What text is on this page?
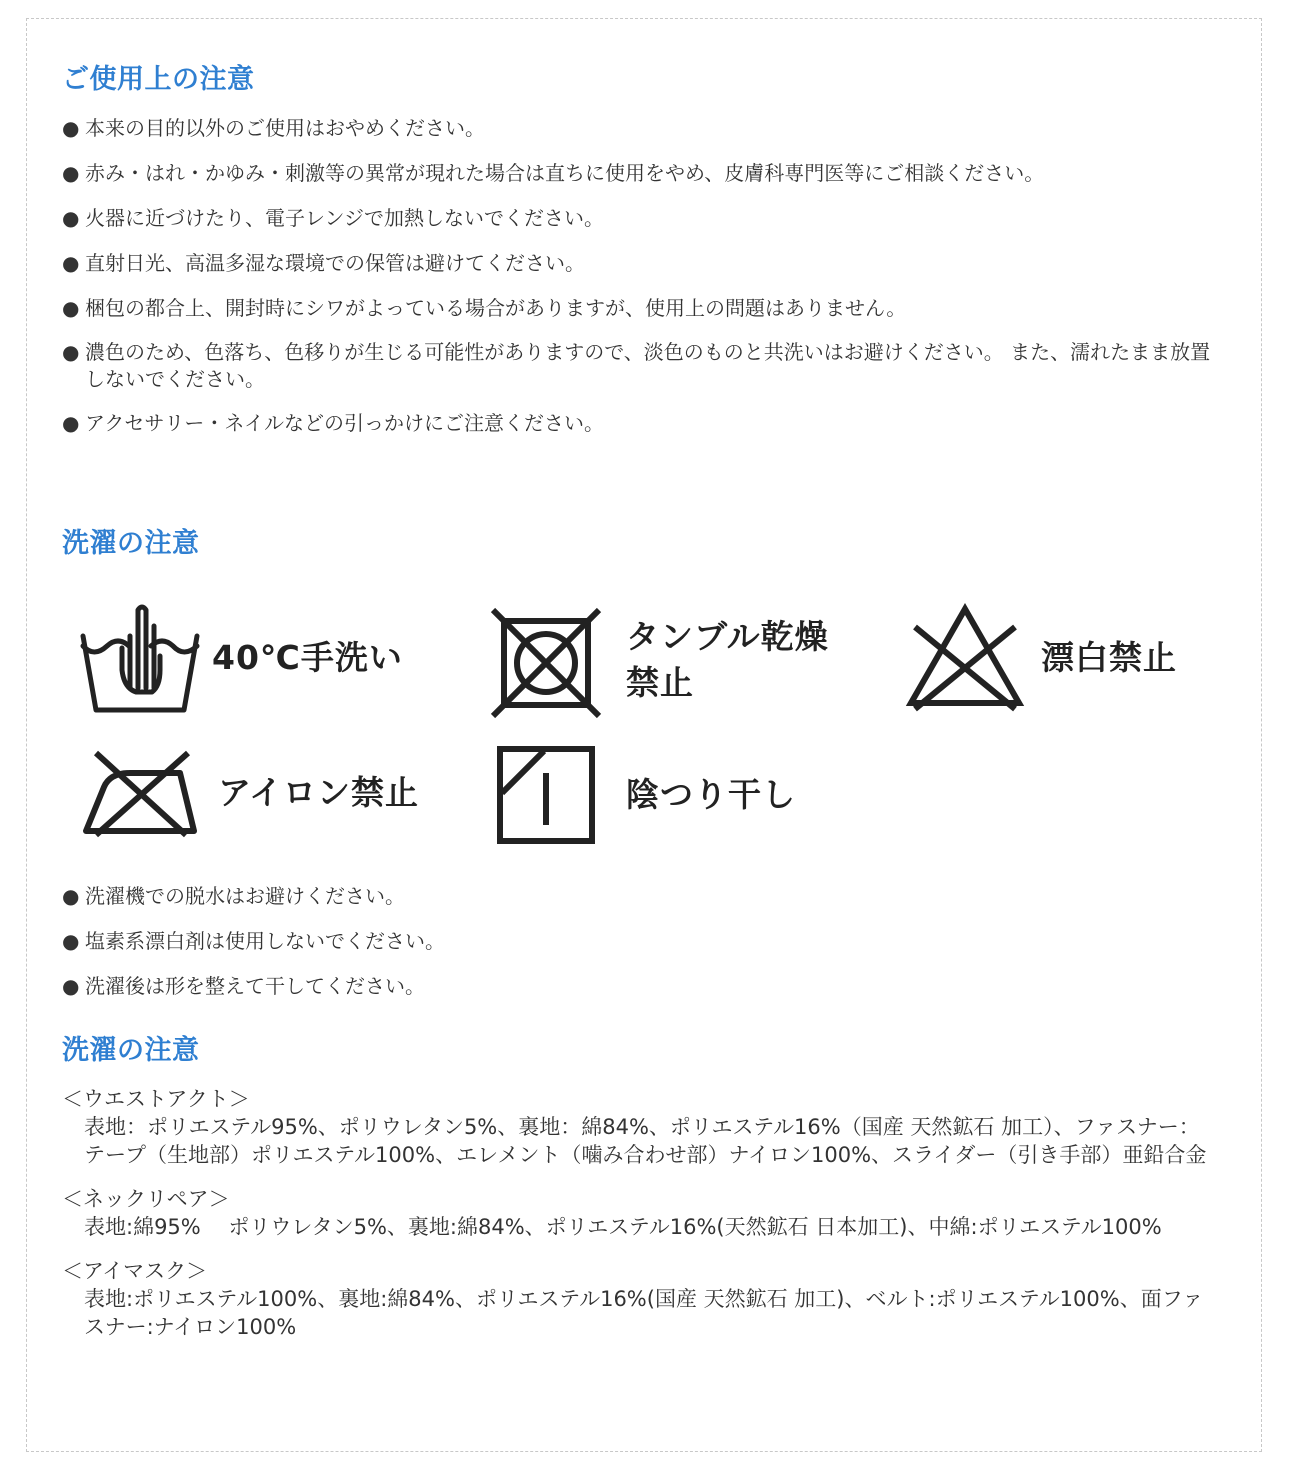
ご使用上の注意
● 本来の目的以外のご使用はおやめください。
● 赤み・はれ・かゆみ・刺激等の異常が現れた場合は直ちに使用をやめ、皮膚科専門医等にご相談ください。
● 火器に近づけたり、電子レンジで加熱しないでください。
● 直射日光、高温多湿な環境での保管は避けてください。
● 梱包の都合上、開封時にシワがよっている場合がありますが、使用上の問題はありません。
● 濃色のため、色落ち、色移りが生じる可能性がありますので、淡色のものと共洗いはお避けください。 また、濡れたまま放置しないでください。
● アクセサリー・ネイルなどの引っかけにご注意ください。
洗濯の注意
40℃手洗い
タンブル乾燥
禁止
漂白禁止
アイロン禁止	陰つり干し
● 洗濯機での脱水はお避けください。
● 塩素系漂白剤は使用しないでください。
● 洗濯後は形を整えて干してください。
洗濯の注意
＜ウエストアクト＞
表地：ポリエステル95%、ポリウレタン5%、裏地：綿84%、ポリエステル16%（国産 天然鉱石 加工）、ファスナー：テープ（生地部）ポリエステル100%、エレメント（噛み合わせ部）ナイロン100%、スライダー（引き手部）亜鉛合金
＜ネックリペア＞
表地:綿95%　 ポリウレタン5%、裏地:綿84%、ポリエステル16%(天然鉱石 日本加工)、中綿:ポリエステル100%
＜アイマスク＞
表地:ポリエステル100%、裏地:綿84%、ポリエステル16%(国産 天然鉱石 加工)、ベルト:ポリエステル100%、面ファスナー:ナイロン100%
